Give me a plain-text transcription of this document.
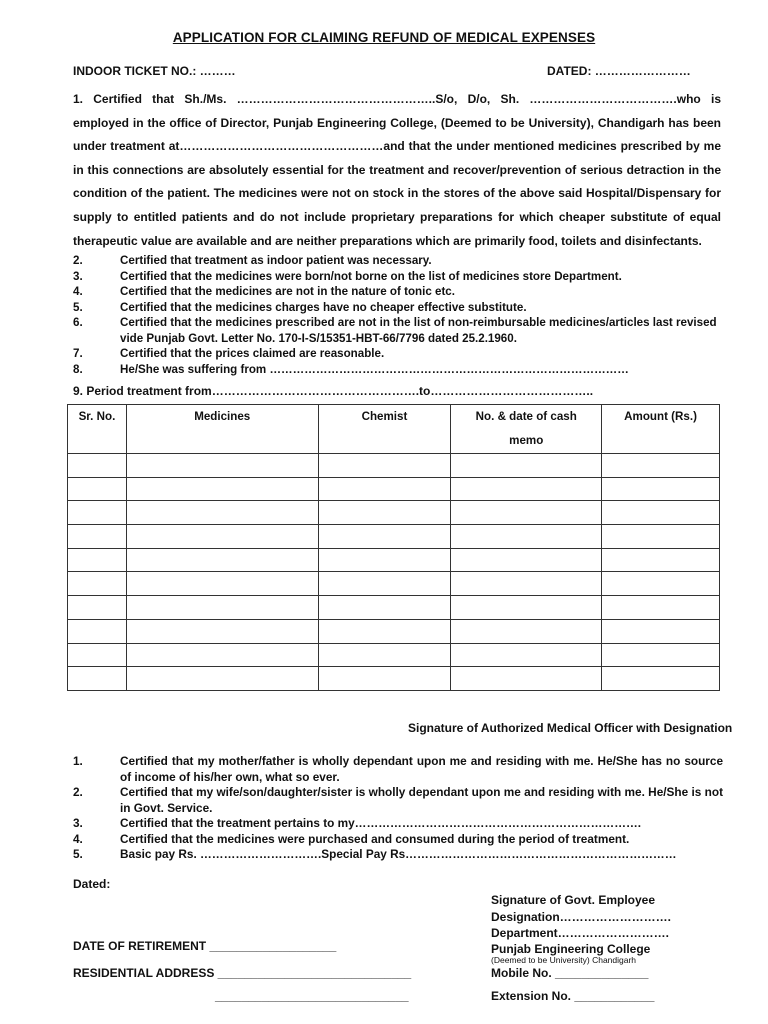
APPLICATION FOR CLAIMING REFUND OF MEDICAL EXPENSES
INDOOR TICKET NO.: ………	DATED: ……………………
1. Certified that Sh./Ms. …………………………………………..S/o, D/o, Sh. ……………………………….who is
employed in the office of Director, Punjab Engineering College, (Deemed to be University), Chandigarh has been
under treatment at……………………………………………and that the under mentioned medicines prescribed by me
in this connections are absolutely essential for the treatment and recover/prevention of serious detraction in the
condition of the patient. The medicines were not on stock in the stores of the above said Hospital/Dispensary for
supply to entitled patients and do not include proprietary preparations for which cheaper substitute of equal
therapeutic value are available and are neither preparations which are primarily food, toilets and disinfectants.
2.	Certified that treatment as indoor patient was necessary.
3.	Certified that the medicines were born/not borne on the list of medicines store Department.
4.	Certified that the medicines are not in the nature of tonic etc.
5.	Certified that the medicines charges have no cheaper effective substitute.
6.	Certified that the medicines prescribed are not in the list of non-reimbursable medicines/articles last revised vide Punjab Govt. Letter No. 170-I-S/15351-HBT-66/7796 dated 25.2.1960.
7.	Certified that the prices claimed are reasonable.
8.	He/She was suffering from …………………………………………………………………………………
9. Period treatment from…………………………………………….to…………………………………..
Sr. No.	Medicines	Chemist	No. & date of cash memo	Amount (Rs.)

Signature of Authorized Medical Officer with Designation
1.	Certified that my mother/father is wholly dependant upon me and residing with me. He/She has no source of income of his/her own, what so ever.
2.	Certified that my wife/son/daughter/sister is wholly dependant upon me and residing with me. He/She is not in Govt. Service.
3.	Certified that the treatment pertains to my……………………………………………………………….
4.	Certified that the medicines were purchased and consumed during the period of treatment.
5.	Basic pay Rs. ………………………….Special Pay Rs……………………………………………………………
Dated:
Signature of Govt. Employee
Designation……………………….
Department……………………….
Punjab Engineering College
(Deemed to be University) Chandigarh
DATE OF RETIREMENT ___________________
RESIDENTIAL ADDRESS _____________________________	Mobile No. ______________
_____________________________	Extension No. ____________
